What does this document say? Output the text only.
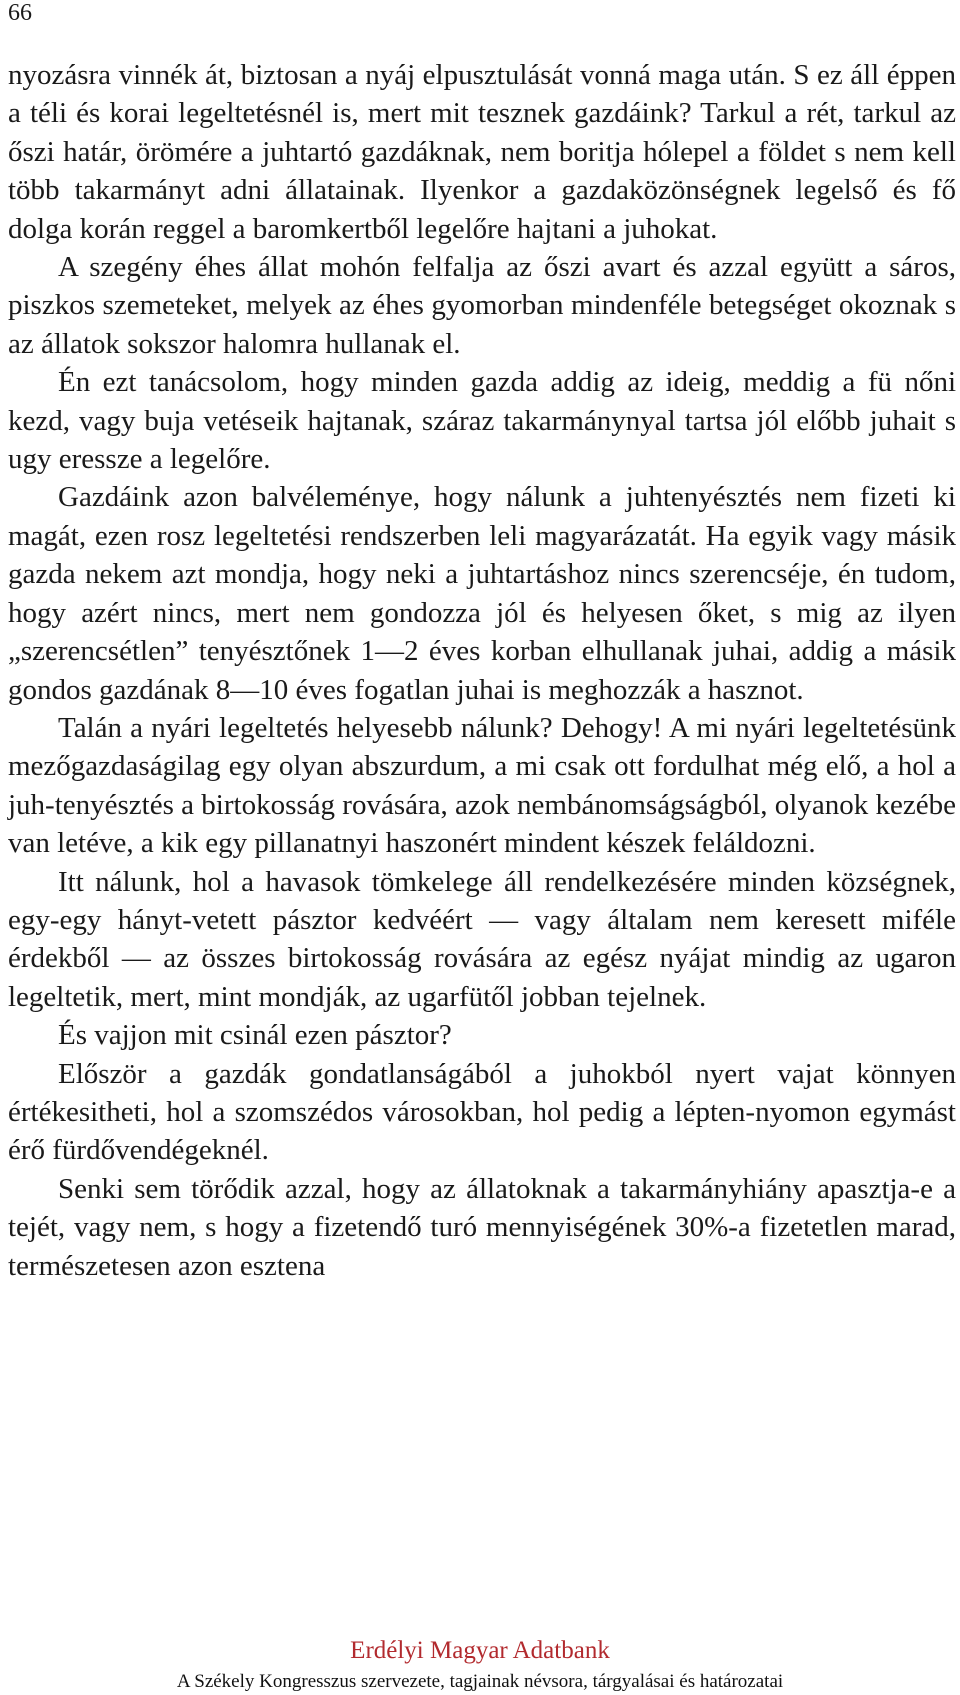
66

nyozásra vinnék át, biztosan a nyáj elpusztulását vonná maga után. S ez áll éppen a téli és korai legeltetésnél is, mert mit tesznek gazdáink? Tarkul a rét, tarkul az őszi határ, örömére a juhtartó gazdáknak, nem boritja hólepel a földet s nem kell több takarmányt adni állatainak. Ilyenkor a gazdaközönségnek legelső és fő dolga korán reggel a baromkertből legelőre hajtani a juhokat.

A szegény éhes állat mohón felfalja az őszi avart és azzal együtt a sáros, piszkos szemeteket, melyek az éhes gyomorban mindenféle betegséget okoznak s az állatok sokszor halomra hullanak el.

Én ezt tanácsolom, hogy minden gazda addig az ideig, meddig a fü nőni kezd, vagy buja vetéseik hajtanak, száraz takarmánynyal tartsa jól előbb juhait s ugy eressze a legelőre.

Gazdáink azon balvéleménye, hogy nálunk a juhtenyésztés nem fizeti ki magát, ezen rosz legeltetési rendszerben leli magyarázatát. Ha egyik vagy másik gazda nekem azt mondja, hogy neki a juhtartáshoz nincs szerencséje, én tudom, hogy azért nincs, mert nem gondozza jól és helyesen őket, s mig az ilyen „szerencsétlen” tenyésztőnek 1—2 éves korban elhullanak juhai, addig a másik gondos gazdának 8—10 éves fogatlan juhai is meghozzák a hasznot.

Talán a nyári legeltetés helyesebb nálunk? Dehogy! A mi nyári legeltetésünk mezőgazdaságilag egy olyan abszurdum, a mi csak ott fordulhat még elő, a hol a juh-tenyésztés a birtokosság rovására, azok nembánomságságból, olyanok kezébe van letéve, a kik egy pillanatnyi haszonért mindent készek feláldozni.

Itt nálunk, hol a havasok tömkelege áll rendelkezésére minden községnek, egy-egy hányt-vetett pásztor kedvéért — vagy általam nem keresett miféle érdekből — az összes birtokosság rovására az egész nyájat mindig az ugaron legeltetik, mert, mint mondják, az ugarfütől jobban tejelnek.

És vajjon mit csinál ezen pásztor?

Először a gazdák gondatlanságából a juhokból nyert vajat könnyen értékesitheti, hol a szomszédos városokban, hol pedig a lépten-nyomon egymást érő fürdővendégeknél.

Senki sem törődik azzal, hogy az állatoknak a takarmányhiány apasztja-e a tejét, vagy nem, s hogy a fizetendő turó mennyiségének 30%-a fizetetlen marad, természetesen azon esztena

Erdélyi Magyar Adatbank
A Székely Kongresszus szervezete, tagjainak névsora, tárgyalásai és határozatai
